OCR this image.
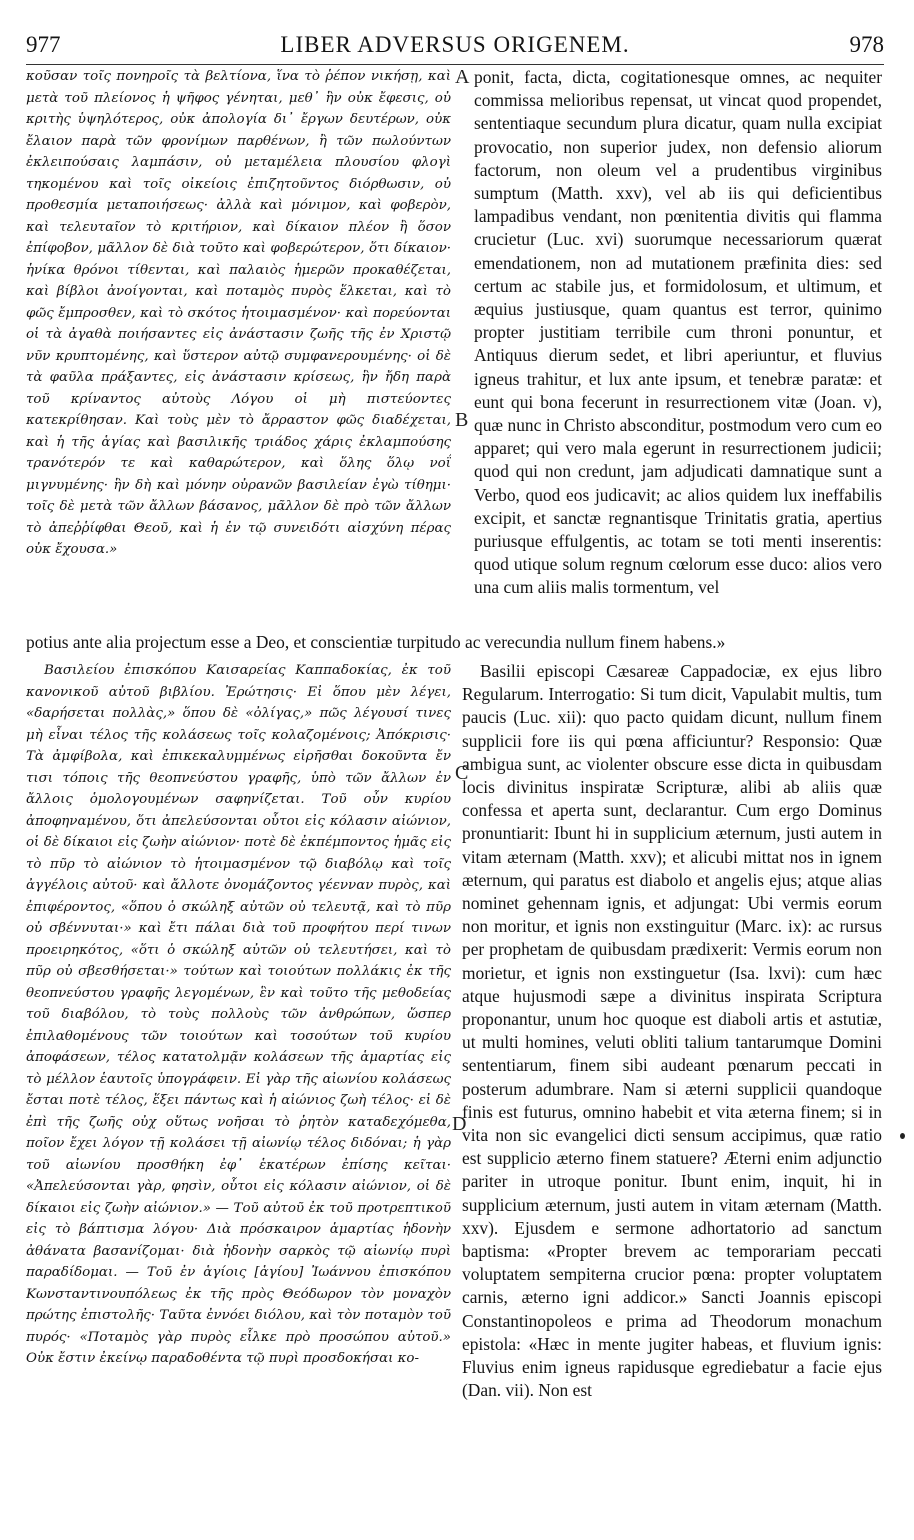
977	LIBER ADVERSUS ORIGENEM.	978

κοῦσαν τοῖς πονηροῖς τὰ βελτίονα, ἵνα τὸ ῥέπον νικήσῃ, καὶ μετὰ τοῦ πλείονος ἡ ψῆφος γένηται, μεθ᾽ ἣν οὐκ ἔφεσις, οὐ κριτὴς ὑψηλότερος, οὐκ ἀπολογία δι᾽ ἔργων δευτέρων, οὐκ ἔλαιον παρὰ τῶν φρονίμων παρθένων, ἢ τῶν πωλούντων ἐκλειπούσαις λαμπάσιν, οὐ μεταμέλεια πλουσίου φλογὶ τηκομένου καὶ τοῖς οἰκείοις ἐπιζητοῦντος διόρθωσιν, οὐ προθεσμία μεταποιήσεως· ἀλλὰ καὶ μόνιμον, καὶ φοβερὸν, καὶ τελευταῖον τὸ κριτήριον, καὶ δίκαιον πλέον ἢ ὅσον ἐπίφοβον, μᾶλλον δὲ διὰ τοῦτο καὶ φοβερώτερον, ὅτι δίκαιον· ἡνίκα θρόνοι τίθενται, καὶ παλαιὸς ἡμερῶν προκαθέζεται, καὶ βίβλοι ἀνοίγονται, καὶ ποταμὸς πυρὸς ἕλκεται, καὶ τὸ φῶς ἔμπροσθεν, καὶ τὸ σκότος ἡτοιμασμένον· καὶ πορεύονται οἱ τὰ ἀγαθὰ ποιήσαντες εἰς ἀνάστασιν ζωῆς τῆς ἐν Χριστῷ νῦν κρυπτομένης, καὶ ὕστερον αὐτῷ συμφανερουμένης· οἱ δὲ τὰ φαῦλα πράξαντες, εἰς ἀνάστασιν κρίσεως, ἣν ἤδη παρὰ τοῦ κρίναντος αὐτοὺς Λόγου οἱ μὴ πιστεύοντες κατεκρίθησαν. Καὶ τοὺς μὲν τὸ ἄρραστον φῶς διαδέχεται, καὶ ἡ τῆς ἁγίας καὶ βασιλικῆς τριάδος χάρις ἐκλαμπούσης τρανότερόν τε καὶ καθαρώτερον, καὶ ὅλης ὅλῳ νοΐ μιγνυμένης· ἣν δὴ καὶ μόνην οὐρανῶν βασιλείαν ἐγὼ τίθημι· τοῖς δὲ μετὰ τῶν ἄλλων βάσανος, μᾶλλον δὲ πρὸ τῶν ἄλλων τὸ ἀπεῤῥίφθαι Θεοῦ, καὶ ἡ ἐν τῷ συνειδότι αἰσχύνη πέρας οὐκ ἔχουσα.»

A
B
C
D

ponit, facta, dicta, cogitationesque omnes, ac nequiter commissa melioribus repensat, ut vincat quod propendet, sententiaque secundum plura dicatur, quam nulla excipiat provocatio, non superior judex, non defensio aliorum factorum, non oleum vel a prudentibus virginibus sumptum (Matth. xxv), vel ab iis qui deficientibus lampadibus vendant, non pœnitentia divitis qui flamma crucietur (Luc. xvi) suorumque necessariorum quærat emendationem, non ad mutationem præfinita dies: sed certum ac stabile jus, et formidolosum, et ultimum, et æquius justiusque, quam quantus est terror, quinimo propter justitiam terribile cum throni ponuntur, et Antiquus dierum sedet, et libri aperiuntur, et fluvius igneus trahitur, et lux ante ipsum, et tenebræ paratæ: et eunt qui bona fecerunt in resurrectionem vitæ (Joan. v), quæ nunc in Christo absconditur, postmodum vero cum eo apparet; qui vero mala egerunt in resurrectionem judicii; quod qui non credunt, jam adjudicati damnatique sunt a Verbo, quod eos judicavit; ac alios quidem lux ineffabilis excipit, et sanctæ regnantisque Trinitatis gratia, apertius puriusque effulgentis, ac totam se toti menti inserentis: quod utique solum regnum cœlorum esse duco: alios vero una cum aliis malis tormentum, vel

potius ante alia projectum esse a Deo, et conscientiæ turpitudo ac verecundia nullum finem habens.»

Βασιλείου ἐπισκόπου Καισαρείας Καππαδοκίας, ἐκ τοῦ κανονικοῦ αὐτοῦ βιβλίου. Ἐρώτησις· Εἰ ὅπου μὲν λέγει, «δαρήσεται πολλὰς,» ὅπου δὲ «ὀλίγας,» πῶς λέγουσί τινες μὴ εἶναι τέλος τῆς κολάσεως τοῖς κολαζομένοις; Ἀπόκρισις· Τὰ ἀμφίβολα, καὶ ἐπικεκαλυμμένως εἰρῆσθαι δοκοῦντα ἔν τισι τόποις τῆς θεοπνεύστου γραφῆς, ὑπὸ τῶν ἄλλων ἐν ἄλλοις ὁμολογουμένων σαφηνίζεται. Τοῦ οὖν κυρίου ἀποφηναμένου, ὅτι ἀπελεύσονται οὗτοι εἰς κόλασιν αἰώνιον, οἱ δὲ δίκαιοι εἰς ζωὴν αἰώνιον· ποτὲ δὲ ἐκπέμποντος ἡμᾶς εἰς τὸ πῦρ τὸ αἰώνιον τὸ ἡτοιμασμένον τῷ διαβόλῳ καὶ τοῖς ἀγγέλοις αὐτοῦ· καὶ ἄλλοτε ὀνομάζοντος γέενναν πυρὸς, καὶ ἐπιφέροντος, «ὅπου ὁ σκώληξ αὐτῶν οὐ τελευτᾷ, καὶ τὸ πῦρ οὐ σβέννυται·» καὶ ἔτι πάλαι διὰ τοῦ προφήτου περί τινων προειρηκότος, «ὅτι ὁ σκώληξ αὐτῶν οὐ τελευτήσει, καὶ τὸ πῦρ οὐ σβεσθήσεται·» τούτων καὶ τοιούτων πολλάκις ἐκ τῆς θεοπνεύστου γραφῆς λεγομένων, ἓν καὶ τοῦτο τῆς μεθοδείας τοῦ διαβόλου, τὸ τοὺς πολλοὺς τῶν ἀνθρώπων, ὥσπερ ἐπιλαθομένους τῶν τοιούτων καὶ τοσούτων τοῦ κυρίου ἀποφάσεων, τέλος κατατολμᾷν κολάσεων τῆς ἁμαρτίας εἰς τὸ μέλλον ἑαυτοῖς ὑπογράφειν. Εἰ γὰρ τῆς αἰωνίου κολάσεως ἔσται ποτὲ τέλος, ἕξει πάντως καὶ ἡ αἰώνιος ζωὴ τέλος· εἰ δὲ ἐπὶ τῆς ζωῆς οὐχ οὕτως νοῆσαι τὸ ῥητὸν καταδεχόμεθα, ποῖον ἔχει λόγον τῇ κολάσει τῇ αἰωνίῳ τέλος διδόναι; ἡ γὰρ τοῦ αἰωνίου προσθήκη ἐφ᾽ ἑκατέρων ἐπίσης κεῖται· «Ἀπελεύσονται γὰρ, φησὶν, οὗτοι εἰς κόλασιν αἰώνιον, οἱ δὲ δίκαιοι εἰς ζωὴν αἰώνιον.» — Τοῦ αὐτοῦ ἐκ τοῦ προτρεπτικοῦ εἰς τὸ βάπτισμα λόγου· Διὰ πρόσκαιρον ἁμαρτίας ἡδονὴν ἀθάνατα βασανίζομαι· διὰ ἡδονὴν σαρκὸς τῷ αἰωνίῳ πυρὶ παραδίδομαι. — Τοῦ ἐν ἁγίοις [ἁγίου] Ἰωάννου ἐπισκόπου Κωνσταντινουπόλεως ἐκ τῆς πρὸς Θεόδωρον τὸν μοναχὸν πρώτης ἐπιστολῆς· Ταῦτα ἐννόει διόλου, καὶ τὸν ποταμὸν τοῦ πυρός· «Ποταμὸς γὰρ πυρὸς εἷλκε πρὸ προσώπου αὐτοῦ.» Οὐκ ἔστιν ἐκείνῳ παραδοθέντα τῷ πυρὶ προσδοκήσαι κο-

Basilii episcopi Cæsareæ Cappadociæ, ex ejus libro Regularum. Interrogatio: Si tum dicit, Vapulabit multis, tum paucis (Luc. xii): quo pacto quidam dicunt, nullum finem supplicii fore iis qui pœna afficiuntur? Responsio: Quæ ambigua sunt, ac violenter obscure esse dicta in quibusdam locis divinitus inspiratæ Scripturæ, alibi ab aliis quæ confessa et aperta sunt, declarantur. Cum ergo Dominus pronuntiarit: Ibunt hi in supplicium æternum, justi autem in vitam æternam (Matth. xxv); et alicubi mittat nos in ignem æternum, qui paratus est diabolo et angelis ejus; atque alias nominet gehennam ignis, et adjungat: Ubi vermis eorum non moritur, et ignis non exstinguitur (Marc. ix): ac rursus per prophetam de quibusdam prædixerit: Vermis eorum non morietur, et ignis non exstinguetur (Isa. lxvi): cum hæc atque hujusmodi sæpe a divinitus inspirata Scriptura proponantur, unum hoc quoque est diaboli artis et astutiæ, ut multi homines, veluti obliti talium tantarumque Domini sententiarum, finem sibi audeant pœnarum peccati in posterum adumbrare. Nam si æterni supplicii quandoque finis est futurus, omnino habebit et vita æterna finem; si in vita non sic evangelici dicti sensum accipimus, quæ ratio est supplicio æterno finem statuere? Æterni enim adjunctio pariter in utroque ponitur. Ibunt enim, inquit, hi in supplicium æternum, justi autem in vitam æternam (Matth. xxv). Ejusdem e sermone adhortatorio ad sanctum baptisma: «Propter brevem ac temporariam peccati voluptatem sempiterna crucior pœna: propter voluptatem carnis, æterno igni addicor.» Sancti Joannis episcopi Constantinopoleos e prima ad Theodorum monachum epistola: «Hæc in mente jugiter habeas, et fluvium ignis: Fluvius enim igneus rapidusque egrediebatur a facie ejus (Dan. vii). Non est
